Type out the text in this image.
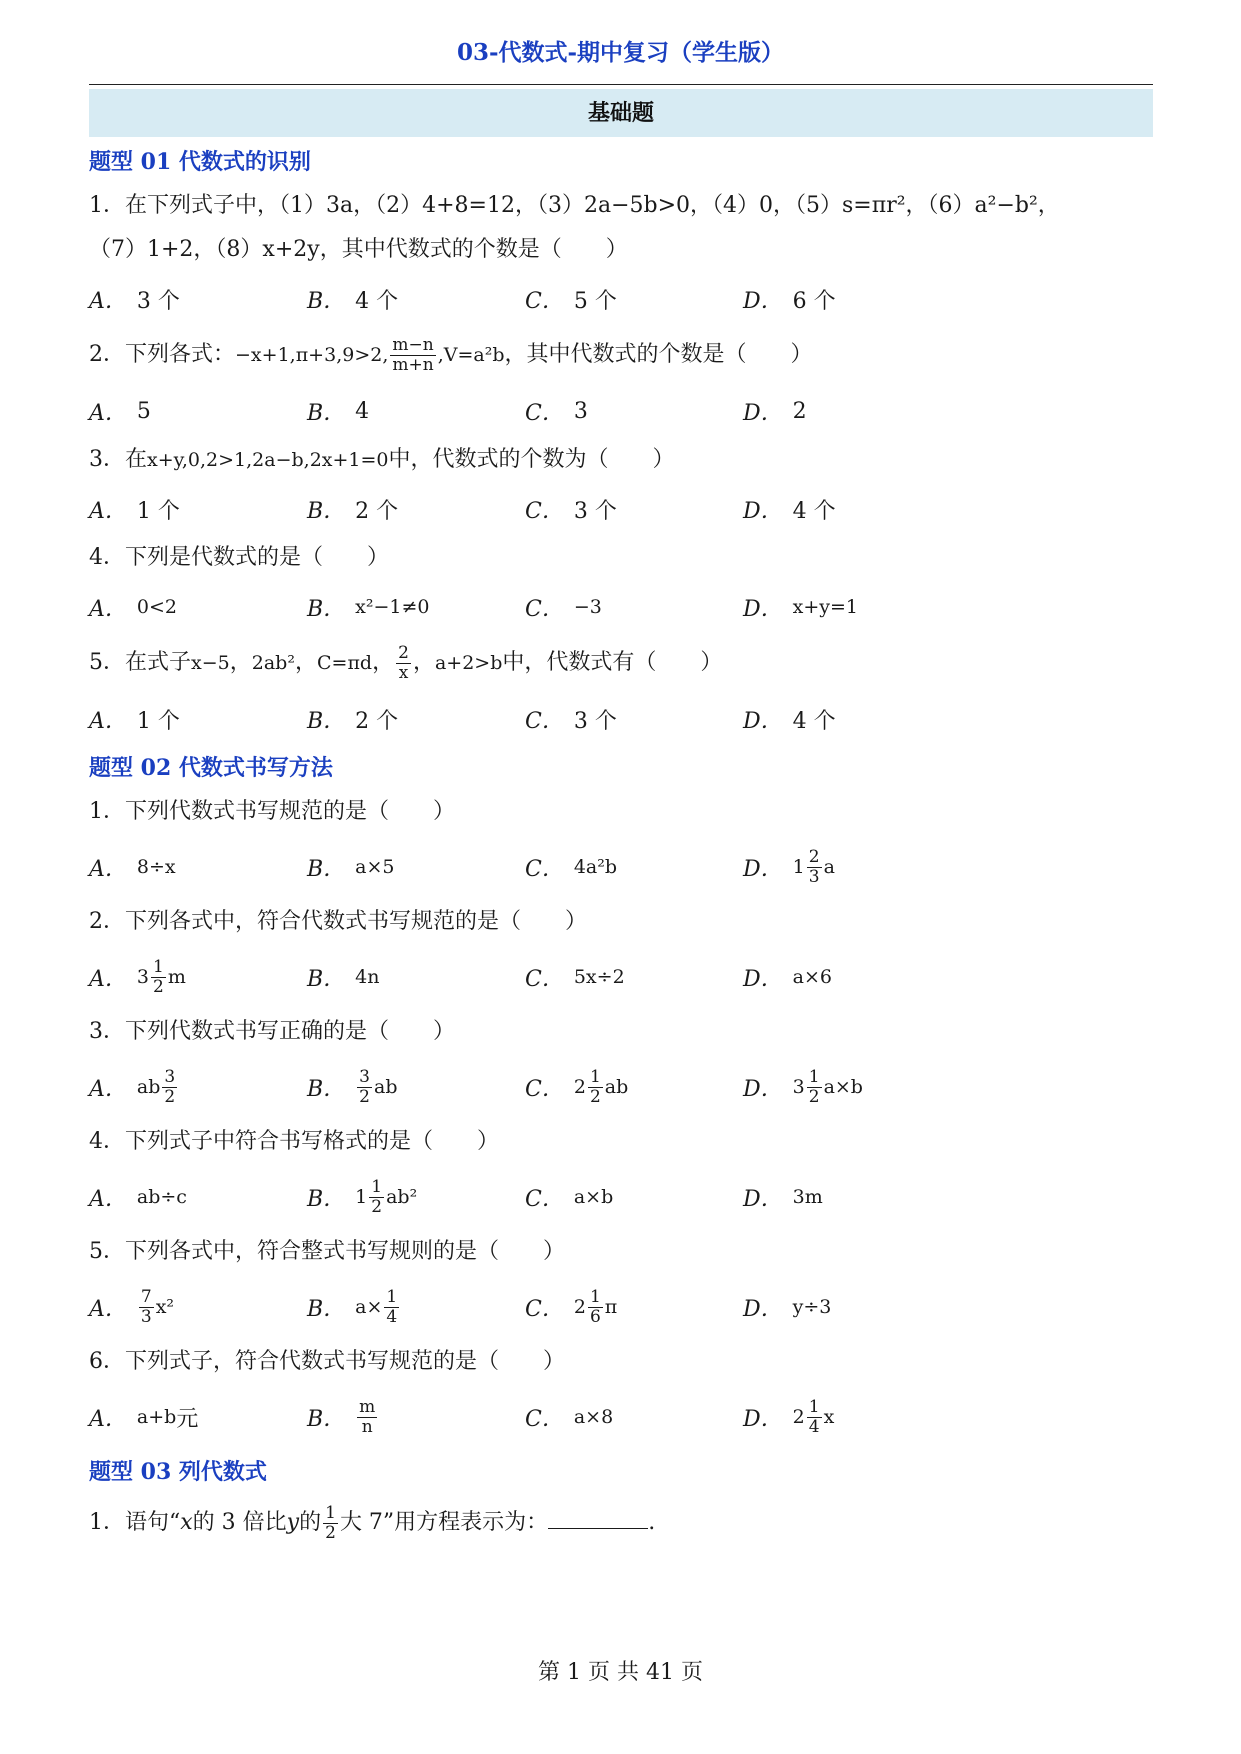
03-代数式-期中复习（学生版）
基础题
题型 01 代数式的识别
1．在下列式子中，（1）3a，（2）4+8=12，（3）2a−5b>0，（4）0，（5）s=πr²，（6）a²−b²，
（7）1+2，（8）x+2y，其中代数式的个数是（　　）
A． 3 个	B． 4 个	C． 5 个	D． 6 个
2．下列各式：−x+1,π+3,9>2, $\frac{m-n}{m+n} ,V=a^2b$，其中代数式的个数是（　　）
A． 5	B． 4	C． 3	D． 2
3．在x+y,0,2>1,2a−b,2x+1=0中，代数式的个数为（　　）
A． 1 个	B． 2 个	C． 3 个	D． 4 个
4．下列是代数式的是（　　）
A． 0<2	B． x²−1≠0	C． −3	D． x+y=1
5．在式子x−5，2ab²，C=πd， $\frac{2}{x}$ ，a+2>b中，代数式有（　　）
A． 1 个	B． 2 个	C． 3 个	D． 4 个
题型 02 代数式书写方法
1．下列代数式书写规范的是（　　）
A． 8÷x	B． a×5	C． 4a²b	D． $1 \frac{2}{3}$ a
2．下列各式中，符合代数式书写规范的是（　　）
A． $3 \frac{1}{2}$ m	B． 4n	C． 5x÷2	D． a×6
3．下列代数式书写正确的是（　　）
A． ab $\frac{3}{2}$	B． $\frac{3}{2}$ ab	C． $2 \frac{1}{2}$ ab	D． $3 \frac{1}{2} a\times b$
4．下列式子中符合书写格式的是（　　）
A． ab÷c	B． $1 \frac{1}{2} ab^2$	C． a×b	D． 3m
5．下列各式中，符合整式书写规则的是（　　）
A． $\frac{7}{3} x^2$	B． $a\times \frac{1}{4}$	C． $2 \frac{1}{6}$ π	D． y÷3
6．下列式子，符合代数式书写规范的是（　　）
A． a+b 元	B． $\frac{m}{n}$	C． a×8	D． $2 \frac{1}{4}$ x
题型 03 列代数式
1．语句“x的 3 倍比y的 $\frac{1}{2}$ 大 7”用方程表示为：	.
第 1 页 共 41 页
